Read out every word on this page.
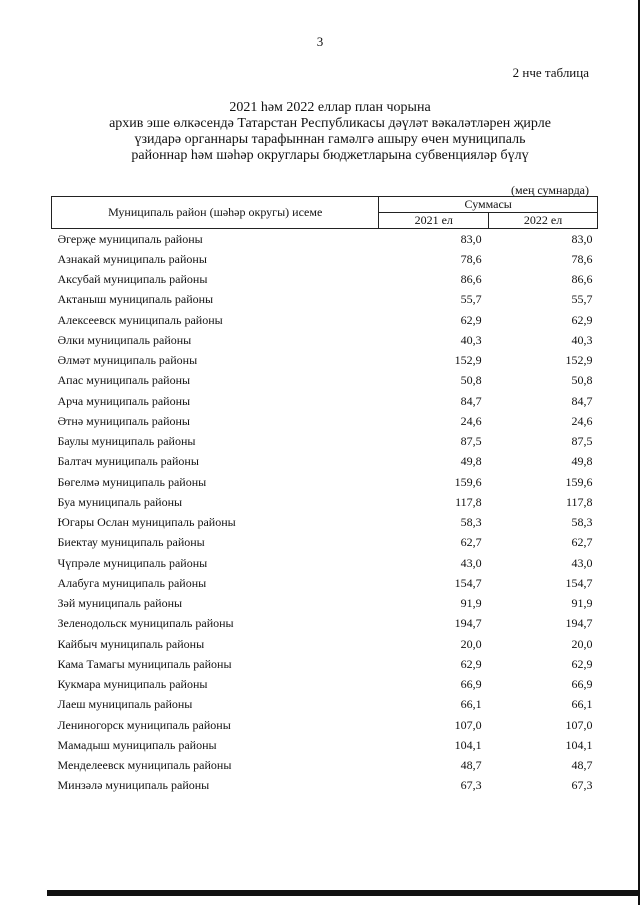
3
2 нче таблица
2021 һәм 2022 еллар план чорына
архив эше өлкәсендә Татарстан Республикасы дәүләт вәкаләтләрен җирле
үзидарә органнары тарафыннан гамәлгә ашыру өчен муниципаль
районнар һәм шәһәр округлары бюджетларына субвенцияләр бүлү
(мең сумнарда)
Муниципаль район (шәһәр округы) исеме	Суммасы	
	2021 ел	2022 ел
Әгерҗе муниципаль районы	83,0	83,0
Азнакай муниципаль районы	78,6	78,6
Аксубай муниципаль районы	86,6	86,6
Актаныш муниципаль районы	55,7	55,7
Алексеевск муниципаль районы	62,9	62,9
Әлки муниципаль районы	40,3	40,3
Әлмәт муниципаль районы	152,9	152,9
Апас муниципаль районы	50,8	50,8
Арча муниципаль районы	84,7	84,7
Әтнә муниципаль районы	24,6	24,6
Баулы муниципаль районы	87,5	87,5
Балтач муниципаль районы	49,8	49,8
Бөгелмә муниципаль районы	159,6	159,6
Буа муниципаль районы	117,8	117,8
Югары Ослан муниципаль районы	58,3	58,3
Биектау муниципаль районы	62,7	62,7
Чүпрәле муниципаль районы	43,0	43,0
Алабуга муниципаль районы	154,7	154,7
Зәй муниципаль районы	91,9	91,9
Зеленодольск муниципаль районы	194,7	194,7
Кайбыч муниципаль районы	20,0	20,0
Кама Тамагы муниципаль районы	62,9	62,9
Кукмара муниципаль районы	66,9	66,9
Лаеш муниципаль районы	66,1	66,1
Лениногорск муниципаль районы	107,0	107,0
Мамадыш муниципаль районы	104,1	104,1
Менделеевск муниципаль районы	48,7	48,7
Минзәлә муниципаль районы	67,3	67,3
